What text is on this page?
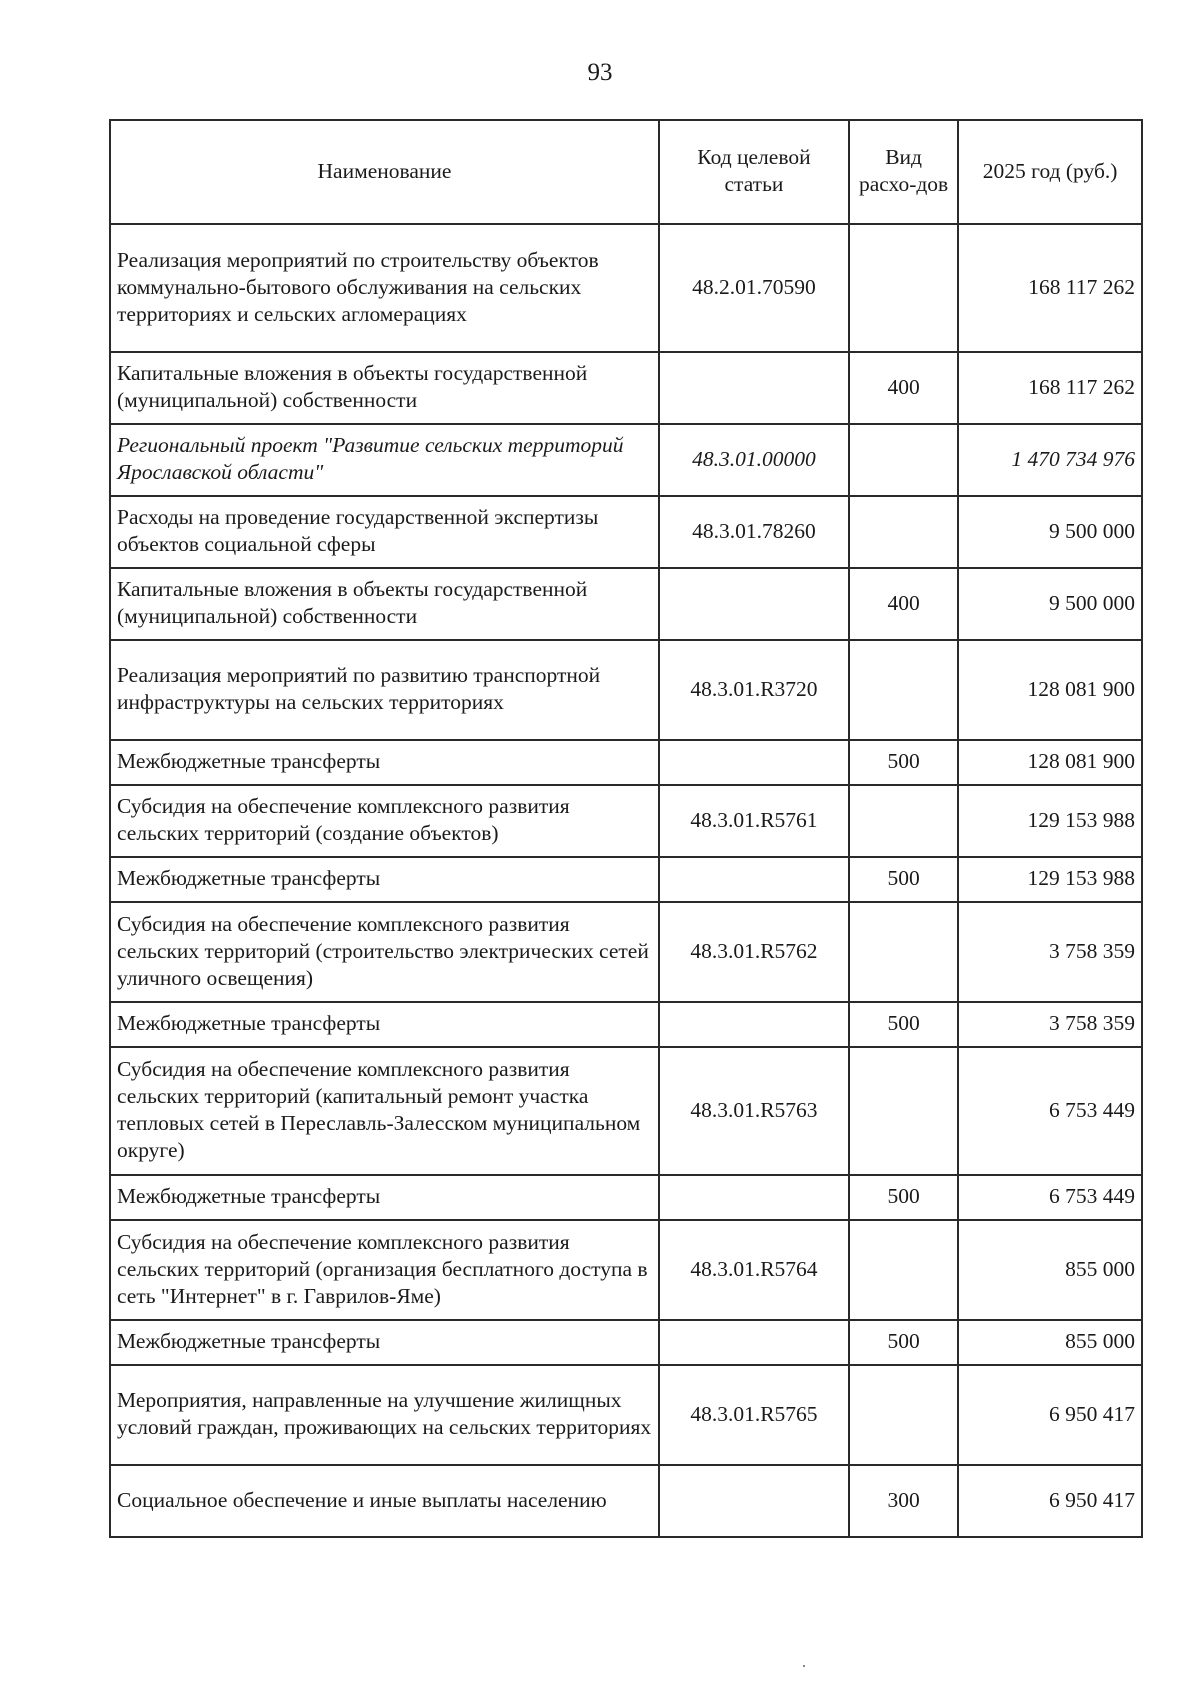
93
Наименование	Код целевой статьи	Вид расхо-дов	2025 год (руб.)
Реализация мероприятий по строительству объектов коммунально-бытового обслуживания на сельских территориях и сельских агломерациях	48.2.01.70590		168 117 262
Капитальные вложения в объекты государственной (муниципальной) собственности		400	168 117 262
Региональный проект "Развитие сельских территорий Ярославской области"	48.3.01.00000		1 470 734 976
Расходы на проведение государственной экспертизы объектов социальной сферы	48.3.01.78260		9 500 000
Капитальные вложения в объекты государственной (муниципальной) собственности		400	9 500 000
Реализация мероприятий по развитию транспортной инфраструктуры на сельских территориях	48.3.01.R3720		128 081 900
Межбюджетные трансферты		500	128 081 900
Субсидия на обеспечение комплексного развития сельских территорий (создание объектов)	48.3.01.R5761		129 153 988
Межбюджетные трансферты		500	129 153 988
Субсидия на обеспечение комплексного развития сельских территорий (строительство электрических сетей уличного освещения)	48.3.01.R5762		3 758 359
Межбюджетные трансферты		500	3 758 359
Субсидия на обеспечение комплексного развития сельских территорий (капитальный ремонт участка тепловых сетей в Переславль-Залесском муниципальном округе)	48.3.01.R5763		6 753 449
Межбюджетные трансферты		500	6 753 449
Субсидия на обеспечение комплексного развития сельских территорий (организация бесплатного доступа в сеть "Интернет" в г. Гаврилов-Яме)	48.3.01.R5764		855 000
Межбюджетные трансферты		500	855 000
Мероприятия, направленные на улучшение жилищных условий граждан, проживающих на сельских территориях	48.3.01.R5765		6 950 417
Социальное обеспечение и иные выплаты населению		300	6 950 417
